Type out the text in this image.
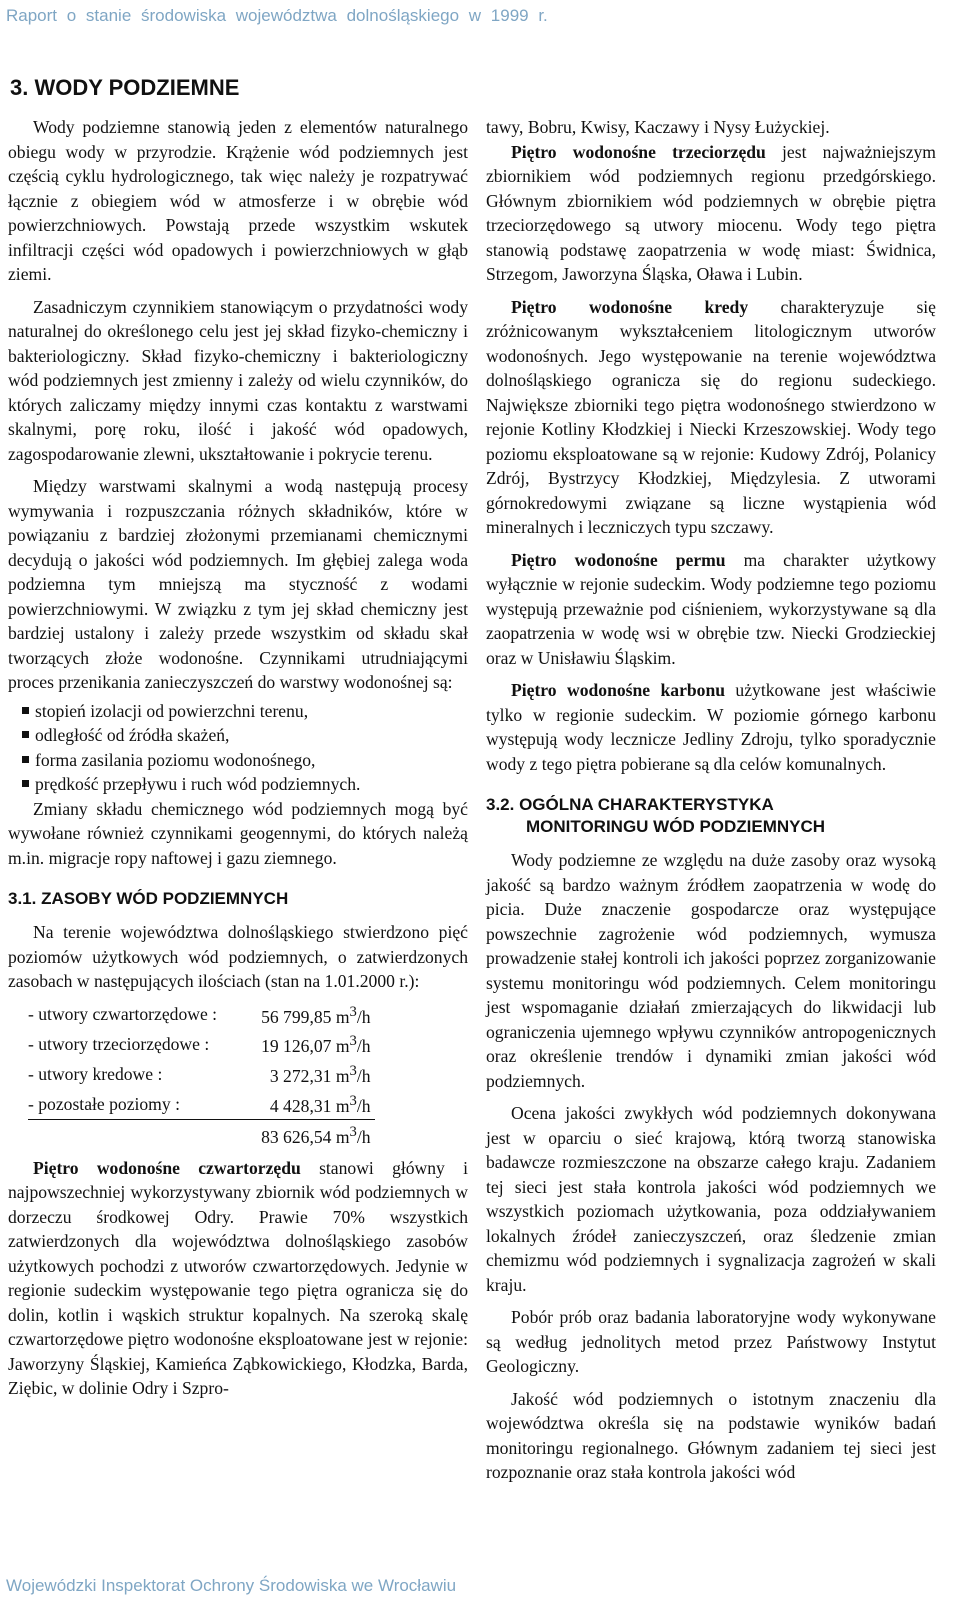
Raport o stanie środowiska województwa dolnośląskiego w 1999 r.
3. WODY PODZIEMNE

Wody podziemne stanowią jeden z elementów naturalnego obiegu wody w przyrodzie. Krążenie wód podziemnych jest częścią cyklu hydrologicznego, tak więc należy je rozpatrywać łącznie z obiegiem wód w atmosferze i w obrębie wód powierzchniowych. Powstają przede wszystkim wskutek infiltracji części wód opadowych i powierzchniowych w głąb ziemi.

Zasadniczym czynnikiem stanowiącym o przydatności wody naturalnej do określonego celu jest jej skład fizyko-chemiczny i bakteriologiczny. Skład fizyko-chemiczny i bakteriologiczny wód podziemnych jest zmienny i zależy od wielu czynników, do których zaliczamy między innymi czas kontaktu z warstwami skalnymi, porę roku, ilość i jakość wód opadowych, zagospodarowanie zlewni, ukształtowanie i pokrycie terenu.

Między warstwami skalnymi a wodą następują procesy wymywania i rozpuszczania różnych składników, które w powiązaniu z bardziej złożonymi przemianami chemicznymi decydują o jakości wód podziemnych. Im głębiej zalega woda podziemna tym mniejszą ma styczność z wodami powierzchniowymi. W związku z tym jej skład chemiczny jest bardziej ustalony i zależy przede wszystkim od składu skał tworzących złoże wodonośne. Czynnikami utrudniającymi proces przenikania zanieczyszczeń do warstwy wodonośnej są:

stopień izolacji od powierzchni terenu,
odległość od źródła skażeń,
forma zasilania poziomu wodonośnego,
prędkość przepływu i ruch wód podziemnych.

Zmiany składu chemicznego wód podziemnych mogą być wywołane również czynnikami geogennymi, do których należą m.in. migracje ropy naftowej i gazu ziemnego.

3.1. ZASOBY WÓD PODZIEMNYCH

Na terenie województwa dolnośląskiego stwierdzono pięć poziomów użytkowych wód podziemnych, o zatwierdzonych zasobach w następujących ilościach (stan na 1.01.2000 r.):

- utwory czwartorzędowe :	56 799,85 $m^3/h$
- utwory trzeciorzędowe :	19 126,07 $m^3/h$
- utwory kredowe :	3 272,31 $m^3/h$
- pozostałe poziomy :	4 428,31 $m^3/h$
	83 626,54 $m^3/h$

Piętro wodonośne czwartorzędu stanowi główny i najpowszechniej wykorzystywany zbiornik wód podziemnych w dorzeczu środkowej Odry. Prawie 70% wszystkich zatwierdzonych dla województwa dolnośląskiego zasobów użytkowych pochodzi z utworów czwartorzędowych. Jedynie w regionie sudeckim występowanie tego piętra ogranicza się do dolin, kotlin i wąskich struktur kopalnych. Na szeroką skalę czwartorzędowe piętro wodonośne eksploatowane jest w rejonie: Jaworzyny Śląskiej, Kamieńca Ząbkowickiego, Kłodzka, Barda, Ziębic, w dolinie Odry i Szpro-

tawy, Bobru, Kwisy, Kaczawy i Nysy Łużyckiej.

Piętro wodonośne trzeciorzędu jest najważniejszym zbiornikiem wód podziemnych regionu przedgórskiego. Głównym zbiornikiem wód podziemnych w obrębie piętra trzeciorzędowego są utwory miocenu. Wody tego piętra stanowią podstawę zaopatrzenia w wodę miast: Świdnica, Strzegom, Jaworzyna Śląska, Oława i Lubin.

Piętro wodonośne kredy charakteryzuje się zróżnicowanym wykształceniem litologicznym utworów wodonośnych. Jego występowanie na terenie województwa dolnośląskiego ogranicza się do regionu sudeckiego. Największe zbiorniki tego piętra wodonośnego stwierdzono w rejonie Kotliny Kłodzkiej i Niecki Krzeszowskiej. Wody tego poziomu eksploatowane są w rejonie: Kudowy Zdrój, Polanicy Zdrój, Bystrzycy Kłodzkiej, Międzylesia. Z utworami górnokredowymi związane są liczne wystąpienia wód mineralnych i leczniczych typu szczawy.

Piętro wodonośne permu ma charakter użytkowy wyłącznie w rejonie sudeckim. Wody podziemne tego poziomu występują przeważnie pod ciśnieniem, wykorzystywane są dla zaopatrzenia w wodę wsi w obrębie tzw. Niecki Grodzieckiej oraz w Unisławiu Śląskim.

Piętro wodonośne karbonu użytkowane jest właściwie tylko w regionie sudeckim. W poziomie górnego karbonu występują wody lecznicze Jedliny Zdroju, tylko sporadycznie wody z tego piętra pobierane są dla celów komunalnych.

3.2. OGÓLNA CHARAKTERYSTYKA
MONITORINGU WÓD PODZIEMNYCH

Wody podziemne ze względu na duże zasoby oraz wysoką jakość są bardzo ważnym źródłem zaopatrzenia w wodę do picia. Duże znaczenie gospodarcze oraz występujące powszechnie zagrożenie wód podziemnych, wymusza prowadzenie stałej kontroli ich jakości poprzez zorganizowanie systemu monitoringu wód podziemnych. Celem monitoringu jest wspomaganie działań zmierzających do likwidacji lub ograniczenia ujemnego wpływu czynników antropogenicznych oraz określenie trendów i dynamiki zmian jakości wód podziemnych.

Ocena jakości zwykłych wód podziemnych dokonywana jest w oparciu o sieć krajową, którą tworzą stanowiska badawcze rozmieszczone na obszarze całego kraju. Zadaniem tej sieci jest stała kontrola jakości wód podziemnych we wszystkich poziomach użytkowania, poza oddziaływaniem lokalnych źródeł zanieczyszczeń, oraz śledzenie zmian chemizmu wód podziemnych i sygnalizacja zagrożeń w skali kraju.

Pobór prób oraz badania laboratoryjne wody wykonywane są według jednolitych metod przez Państwowy Instytut Geologiczny.

Jakość wód podziemnych o istotnym znaczeniu dla województwa określa się na podstawie wyników badań monitoringu regionalnego. Głównym zadaniem tej sieci jest rozpoznanie oraz stała kontrola jakości wód

Wojewódzki Inspektorat Ochrony Środowiska we Wrocławiu
